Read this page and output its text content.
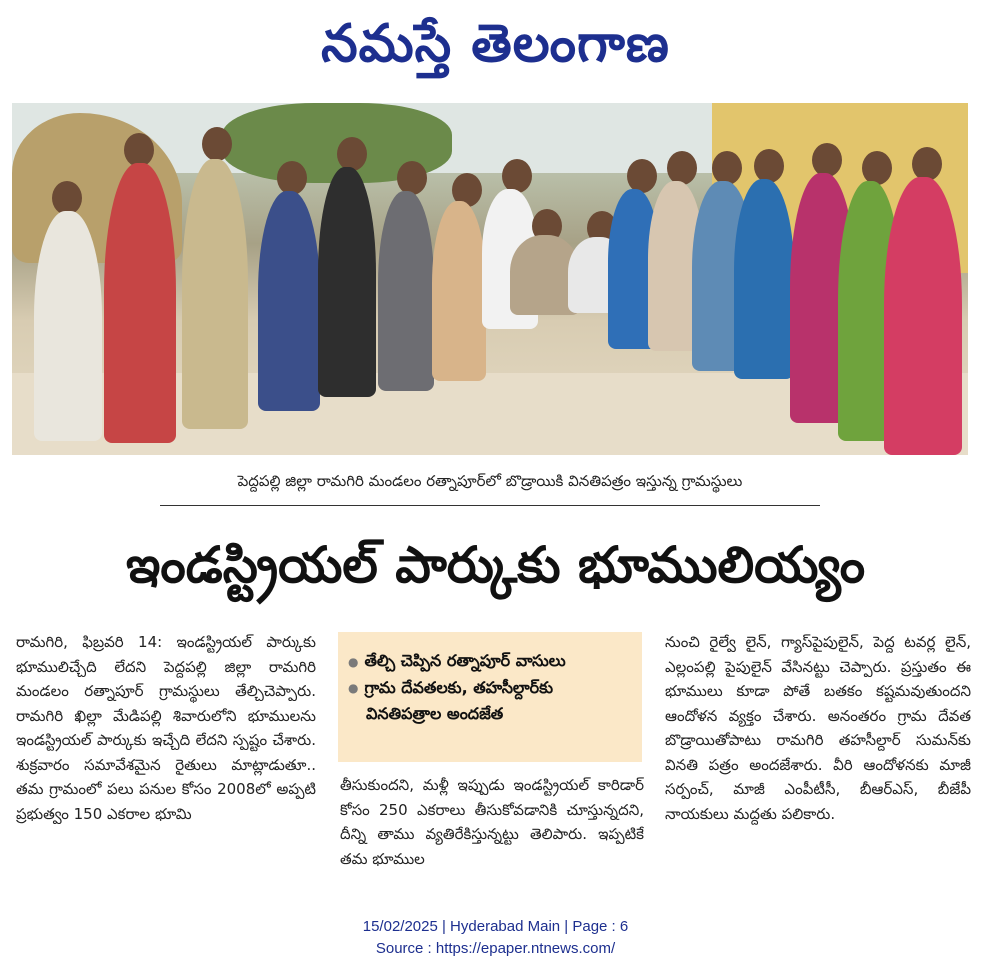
నమస్తే తెలంగాణ
పెద్దపల్లి జిల్లా రామగిరి మండలం రత్నాపూర్‌లో బొడ్రాయికి వినతిపత్రం ఇస్తున్న గ్రామస్థులు
ఇండస్ట్రియల్ పార్కుకు భూములియ్యం

రామగిరి, ఫిబ్రవరి 14: ఇండస్ట్రియల్ పార్కుకు భూములిచ్చేది లేదని పెద్దపల్లి జిల్లా రామగిరి మండలం రత్నాపూర్ గ్రామస్థులు తేల్చిచెప్పారు. రామగిరి ఖిల్లా మేడిపల్లి శివారులోని భూములను ఇండస్ట్రియల్ పార్కుకు ఇచ్చేది లేదని స్పష్టం చేశారు. శుక్రవారం సమావేశమైన రైతులు మాట్లాడుతూ.. తమ గ్రామంలో పలు పనుల కోసం 2008లో అప్పటి ప్రభుత్వం 150 ఎకరాల భూమి

● తేల్చి చెప్పిన రత్నాపూర్ వాసులు
● గ్రామ దేవతలకు, తహసీల్దార్‌కు
వినతిపత్రాల అందజేత

తీసుకుందని, మళ్లీ ఇప్పుడు ఇండస్ట్రియల్ కారిడార్ కోసం 250 ఎకరాలు తీసుకోవడానికి చూస్తున్నదని, దీన్ని తాము వ్యతిరేకిస్తున్నట్టు తెలిపారు. ఇప్పటికే తమ భూముల

నుంచి రైల్వే లైన్, గ్యాస్‌పైపులైన్, పెద్ద టవర్ల లైన్, ఎల్లంపల్లి పైపులైన్ వేసినట్టు చెప్పారు. ప్రస్తుతం ఈ భూములు కూడా పోతే బతకం కష్టమవుతుందని ఆందోళన వ్యక్తం చేశారు. అనంతరం గ్రామ దేవత బొడ్రాయితోపాటు రామగిరి తహసీల్దార్ సుమన్‌కు వినతి పత్రం అందజేశారు. వీరి ఆందోళనకు మాజీ సర్పంచ్, మాజీ ఎంపీటీసీ, బీఆర్‌ఎస్, బీజేపీ నాయకులు మద్దతు పలికారు.

15/02/2025 | Hyderabad Main | Page : 6
Source : https://epaper.ntnews.com/
